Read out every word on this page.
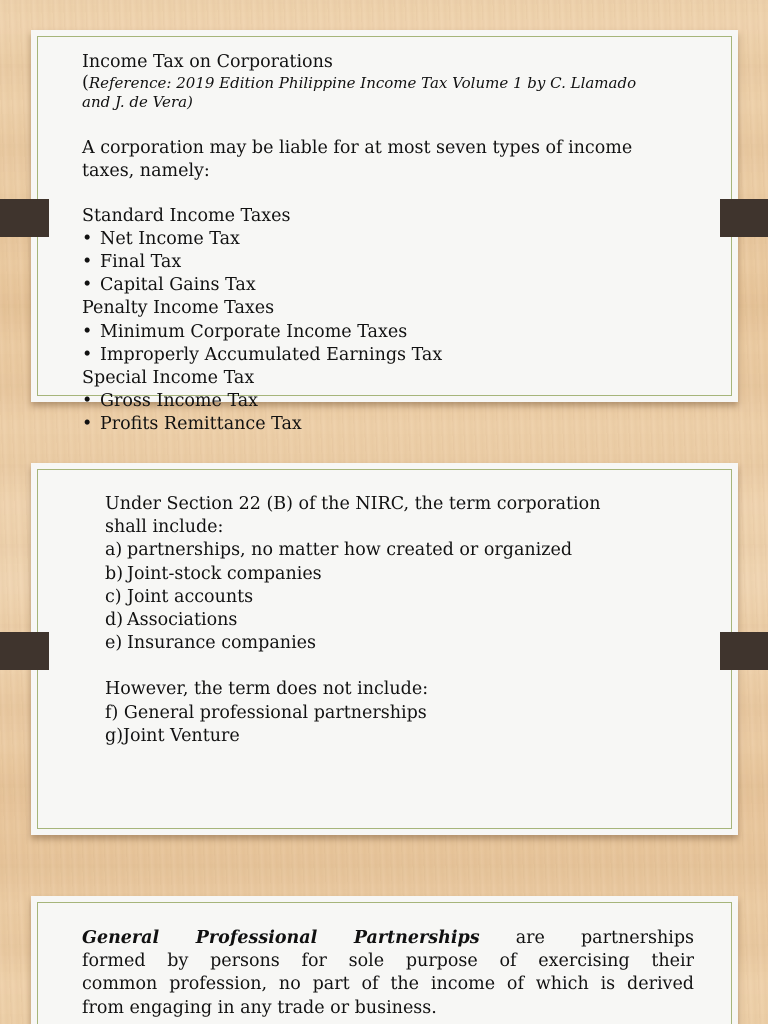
Income Tax on Corporations
(Reference: 2019 Edition Philippine Income Tax Volume 1 by C. Llamado
and J. de Vera)
A corporation may be liable for at most seven types of income
taxes, namely:
Standard Income Taxes
• Net Income Tax
• Final Tax
• Capital Gains Tax
Penalty Income Taxes
• Minimum Corporate Income Taxes
• Improperly Accumulated Earnings Tax
Special Income Tax
• Gross Income Tax
• Profits Remittance Tax
Under Section 22 (B) of the NIRC, the term corporation
shall include:
a) partnerships, no matter how created or organized
b) Joint-stock companies
c) Joint accounts
d) Associations
e) Insurance companies
However, the term does not include:
f) General professional partnerships
g)Joint Venture
General Professional Partnerships are partnerships
formed by persons for sole purpose of exercising their
common profession, no part of the income of which is derived
from engaging in any trade or business.
